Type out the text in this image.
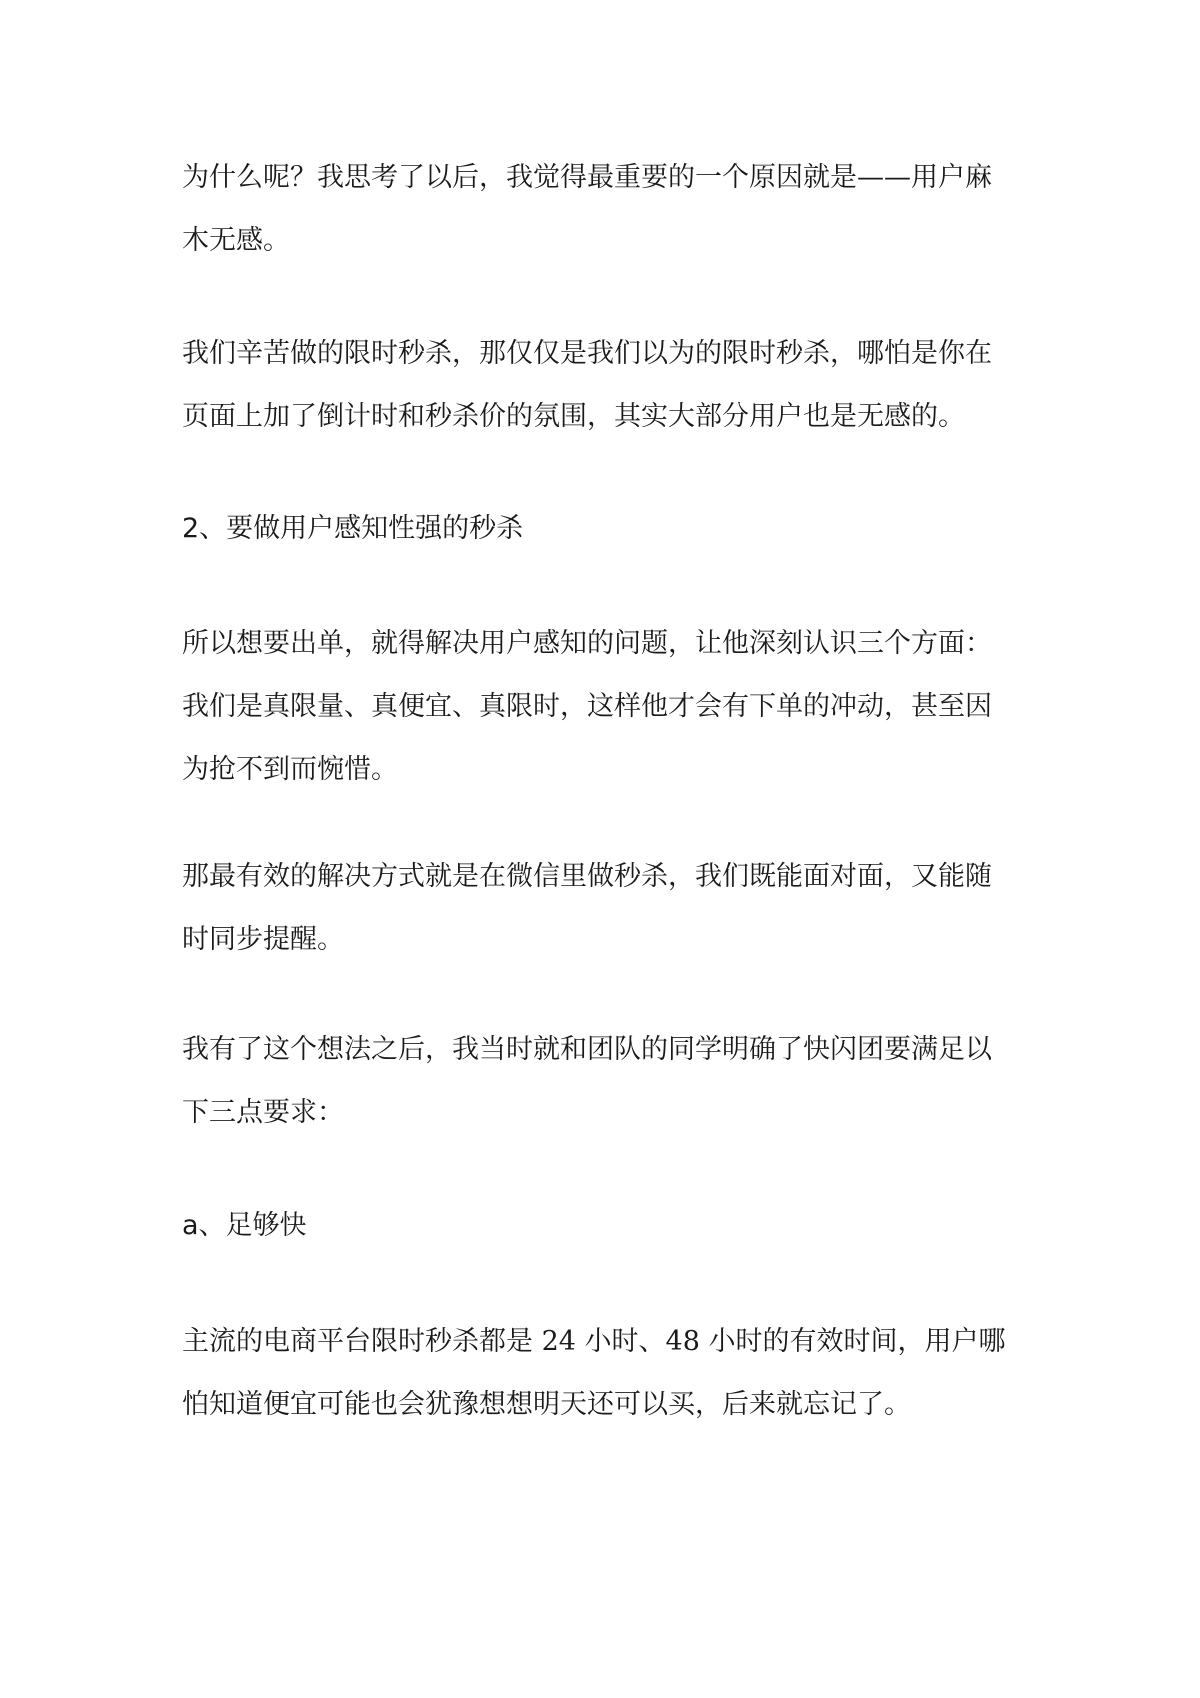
为什么呢？我思考了以后，我觉得最重要的一个原因就是——用户麻
木无感。

我们辛苦做的限时秒杀，那仅仅是我们以为的限时秒杀，哪怕是你在
页面上加了倒计时和秒杀价的氛围，其实大部分用户也是无感的。

2、要做用户感知性强的秒杀

所以想要出单，就得解决用户感知的问题，让他深刻认识三个方面：
我们是真限量、真便宜、真限时，这样他才会有下单的冲动，甚至因
为抢不到而惋惜。

那最有效的解决方式就是在微信里做秒杀，我们既能面对面，又能随
时同步提醒。

我有了这个想法之后，我当时就和团队的同学明确了快闪团要满足以
下三点要求：

a、足够快

主流的电商平台限时秒杀都是 24 小时、48 小时的有效时间，用户哪
怕知道便宜可能也会犹豫想想明天还可以买，后来就忘记了。
